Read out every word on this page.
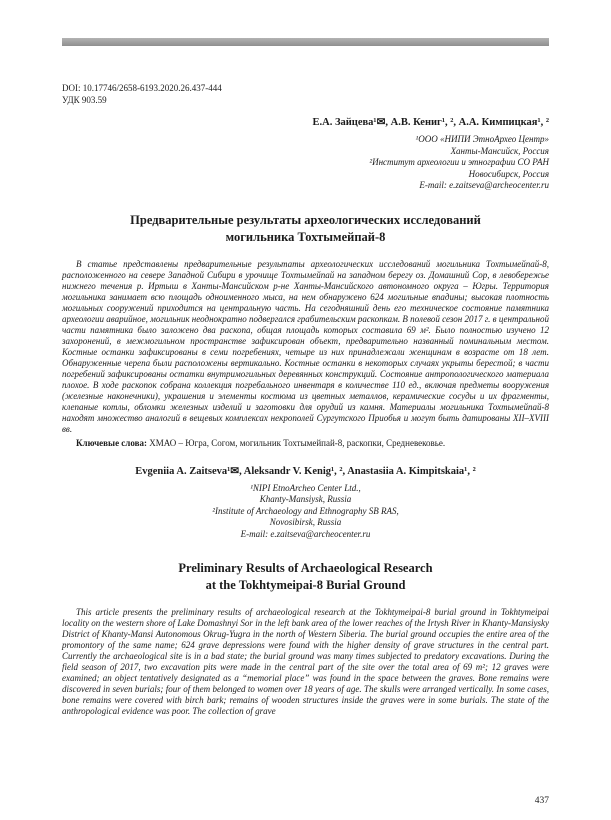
DOI: 10.17746/2658-6193.2020.26.437-444
УДК 903.59
Е.А. Зайцева¹✉, А.В. Кениг¹, ², А.А. Кимпицкая¹, ²
¹ООО «НИПИ ЭтноАрхео Центр»
Ханты-Мансийск, Россия
²Институт археологии и этнографии СО РАН
Новосибирск, Россия
E-mail: e.zaitseva@archeocenter.ru
Предварительные результаты археологических исследований
могильника Тохтымейпай-8

В статье представлены предварительные результаты археологических исследований могильника Тохтымейпай-8, расположенного на севере Западной Сибири в урочище Тохтымейпай на западном берегу оз. Домашний Сор, в левобережье нижнего течения р. Иртыш в Ханты-Мансийском р-не Ханты-Мансийского автономного округа – Югры. Территория могильника занимает всю площадь одноименного мыса, на нем обнаружено 624 могильные впадины; высокая плотность могильных сооружений приходится на центральную часть. На сегодняшний день его техническое состояние памятника археологии аварийное, могильник неоднократно подвергался грабительским раскопкам. В полевой сезон 2017 г. в центральной части памятника было заложено два раскопа, общая площадь которых составила 69 м². Было полностью изучено 12 захоронений, в межмогильном пространстве зафиксирован объект, предварительно названный поминальным местом. Костные останки зафиксированы в семи погребениях, четыре из них принадлежали женщинам в возрасте от 18 лет. Обнаруженные черепа были расположены вертикально. Костные останки в некоторых случаях укрыты берестой; в части погребений зафиксированы остатки внутримогильных деревянных конструкций. Состояние антропологического материала плохое. В ходе раскопок собрана коллекция погребального инвентаря в количестве 110 ед., включая предметы вооружения (железные наконечники), украшения и элементы костюма из цветных металлов, керамические сосуды и их фрагменты, клепаные котлы, обломки железных изделий и заготовки для орудий из камня. Материалы могильника Тохтымейпай-8 находят множество аналогий в вещевых комплексах некрополей Сургутского Приобья и могут быть датированы XII–XVIII вв.

Ключевые слова: ХМАО – Югра, Согом, могильник Тохтымейпай-8, раскопки, Средневековье.

Evgeniia A. Zaitseva¹✉, Aleksandr V. Kenig¹, ², Anastasiia A. Kimpitskaia¹, ²
¹NIPI EtnoArcheo Center Ltd.,
Khanty-Mansiysk, Russia
²Institute of Archaeology and Ethnography SB RAS,
Novosibirsk, Russia
E-mail: e.zaitseva@archeocenter.ru
Preliminary Results of Archaeological Research
at the Tokhtymeipai-8 Burial Ground

This article presents the preliminary results of archaeological research at the Tokhtymeipai-8 burial ground in Tokhtymeipai locality on the western shore of Lake Domashnyi Sor in the left bank area of the lower reaches of the Irtysh River in Khanty-Mansiysky District of Khanty-Mansi Autonomous Okrug-Yugra in the north of Western Siberia. The burial ground occupies the entire area of the promontory of the same name; 624 grave depressions were found with the higher density of grave structures in the central part. Currently the archaeological site is in a bad state; the burial ground was many times subjected to predatory excavations. During the field season of 2017, two excavation pits were made in the central part of the site over the total area of 69 m²; 12 graves were examined; an object tentatively designated as a “memorial place” was found in the space between the graves. Bone remains were discovered in seven burials; four of them belonged to women over 18 years of age. The skulls were arranged vertically. In some cases, bone remains were covered with birch bark; remains of wooden structures inside the graves were in some burials. The state of the anthropological evidence was poor. The collection of grave

437
